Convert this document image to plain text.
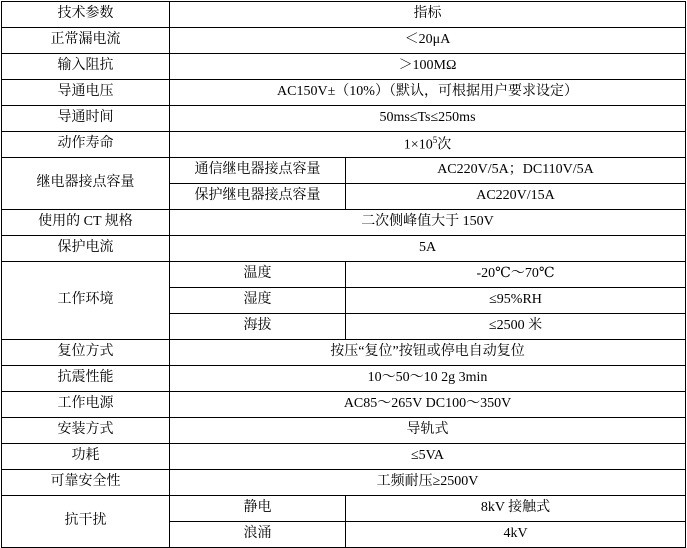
技术参数	指标	
正常漏电流	＜20μA	
输入阻抗	＞100MΩ	
导通电压	AC150V±（10%）（默认，可根据用户要求设定）	
导通时间	50ms≤Ts≤250ms	
动作寿命	$1\times 10^5$次	
继电器接点容量	通信继电器接点容量	AC220V/5A；DC110V/5A
	保护继电器接点容量	AC220V/15A
使用的 CT 规格	二次侧峰值大于 150V	
保护电流	5A	
工作环境	温度	-20℃～70℃
	湿度	≤95%RH
	海拔	≤2500 米
复位方式	按压“复位”按钮或停电自动复位	
抗震性能	10～50～10 2g 3min	
工作电源	AC85～265V DC100～350V	
安装方式	导轨式	
功耗	≤5VA	
可靠安全性	工频耐压≥2500V	
抗干扰	静电	8kV 接触式
	浪涌	4kV
